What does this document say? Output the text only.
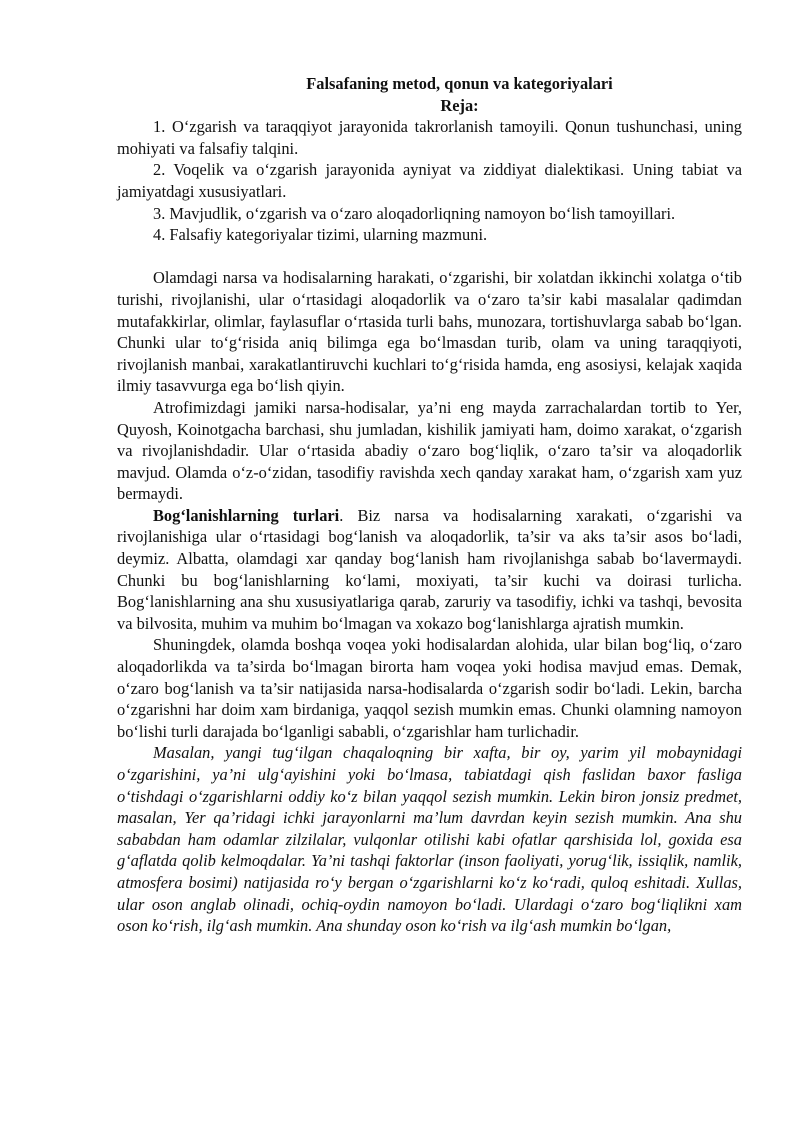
Falsafaning metod, qonun va kategoriyalari
Reja:
1. O‘zgarish va taraqqiyot jarayonida takrorlanish tamoyili. Qonun tushunchasi, uning mohiyati va falsafiy talqini.
2. Voqelik va o‘zgarish jarayonida ayniyat va ziddiyat dialektikasi. Uning tabiat va jamiyatdagi xususiyatlari.
3. Mavjudlik, o‘zgarish va o‘zaro aloqadorliqning namoyon bo‘lish tamoyillari.
4. Falsafiy kategoriyalar tizimi, ularning mazmuni.

Olamdagi narsa va hodisalarning harakati, o‘zgarishi, bir xolatdan ikkinchi xolatga o‘tib turishi, rivojlanishi, ular o‘rtasidagi aloqadorlik va o‘zaro ta’sir kabi masalalar qadimdan mutafakkirlar, olimlar, faylasuflar o‘rtasida turli bahs, munozara, tortishuvlarga sabab bo‘lgan. Chunki ular to‘g‘risida aniq bilimga ega bo‘lmasdan turib, olam va uning taraqqiyoti, rivojlanish manbai, xarakatlantiruvchi kuchlari to‘g‘risida hamda, eng asosiysi, kelajak xaqida ilmiy tasavvurga ega bo‘lish qiyin.

Atrofimizdagi jamiki narsa-hodisalar, ya’ni eng mayda zarrachalardan tortib to Yer, Quyosh, Koinotgacha barchasi, shu jumladan, kishilik jamiyati ham, doimo xarakat, o‘zgarish va rivojlanishdadir. Ular o‘rtasida abadiy o‘zaro bog‘liqlik, o‘zaro ta’sir va aloqadorlik mavjud. Olamda o‘z-o‘zidan, tasodifiy ravishda xech qanday xarakat ham, o‘zgarish xam yuz bermaydi.

Bog‘lanishlarning turlari. Biz narsa va hodisalarning xarakati, o‘zgarishi va rivojlanishiga ular o‘rtasidagi bog‘lanish va aloqadorlik, ta’sir va aks ta’sir asos bo‘ladi, deymiz. Albatta, olamdagi xar qanday bog‘lanish ham rivojlanishga sabab bo‘lavermaydi. Chunki bu bog‘lanishlarning ko‘lami, moxiyati, ta’sir kuchi va doirasi turlicha. Bog‘lanishlarning ana shu xususiyatlariga qarab, zaruriy va tasodifiy, ichki va tashqi, bevosita va bilvosita, muhim va muhim bo‘lmagan va xokazo bog‘lanishlarga ajratish mumkin.

Shuningdek, olamda boshqa voqea yoki hodisalardan alohida, ular bilan bog‘liq, o‘zaro aloqadorlikda va ta’sirda bo‘lmagan birorta ham voqea yoki hodisa mavjud emas. Demak, o‘zaro bog‘lanish va ta’sir natijasida narsa-hodisalarda o‘zgarish sodir bo‘ladi. Lekin, barcha o‘zgarishni har doim xam birdaniga, yaqqol sezish mumkin emas. Chunki olamning namoyon bo‘lishi turli darajada bo‘lganligi sababli, o‘zgarishlar ham turlichadir.

Masalan, yangi tug‘ilgan chaqaloqning bir xafta, bir oy, yarim yil mobaynidagi o‘zgarishini, ya’ni ulg‘ayishini yoki bo‘lmasa, tabiatdagi qish faslidan baxor fasliga o‘tishdagi o‘zgarishlarni oddiy ko‘z bilan yaqqol sezish mumkin. Lekin biron jonsiz predmet, masalan, Yer qa’ridagi ichki jarayonlarni ma’lum davrdan keyin sezish mumkin. Ana shu sababdan ham odamlar zilzilalar, vulqonlar otilishi kabi ofatlar qarshisida lol, goxida esa g‘aflatda qolib kelmoqdalar. Ya’ni tashqi faktorlar (inson faoliyati, yorug‘lik, issiqlik, namlik, atmosfera bosimi) natijasida ro‘y bergan o‘zgarishlarni ko‘z ko‘radi, quloq eshitadi. Xullas, ular oson anglab olinadi, ochiq-oydin namoyon bo‘ladi. Ulardagi o‘zaro bog‘liqlikni xam oson ko‘rish, ilg‘ash mumkin. Ana shunday oson ko‘rish va ilg‘ash mumkin bo‘lgan,
